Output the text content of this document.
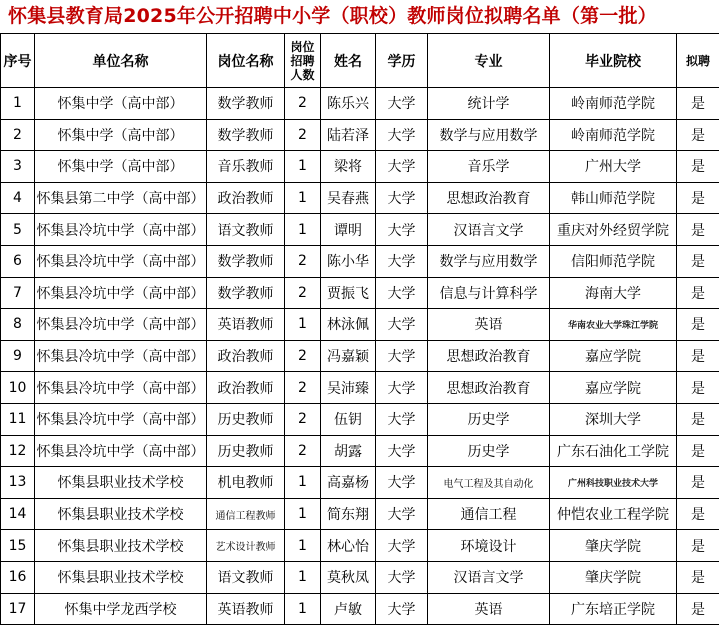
怀集县教育局2025年公开招聘中小学（职校）教师岗位拟聘名单（第一批）
序号	单位名称	岗位名称	岗位招聘人数	姓名	学历	专业	毕业院校	拟聘
1	怀集中学（高中部）	数学教师	2	陈乐兴	大学	统计学	岭南师范学院	是
2	怀集中学（高中部）	数学教师	2	陆若泽	大学	数学与应用数学	岭南师范学院	是
3	怀集中学（高中部）	音乐教师	1	梁将	大学	音乐学	广州大学	是
4	怀集县第二中学（高中部）	政治教师	1	吴春燕	大学	思想政治教育	韩山师范学院	是
5	怀集县冷坑中学（高中部）	语文教师	1	谭明	大学	汉语言文学	重庆对外经贸学院	是
6	怀集县冷坑中学（高中部）	数学教师	2	陈小华	大学	数学与应用数学	信阳师范学院	是
7	怀集县冷坑中学（高中部）	数学教师	2	贾振飞	大学	信息与计算科学	海南大学	是
8	怀集县冷坑中学（高中部）	英语教师	1	林泳佩	大学	英语	华南农业大学珠江学院	是
9	怀集县冷坑中学（高中部）	政治教师	2	冯嘉颖	大学	思想政治教育	嘉应学院	是
10	怀集县冷坑中学（高中部）	政治教师	2	吴沛臻	大学	思想政治教育	嘉应学院	是
11	怀集县冷坑中学（高中部）	历史教师	2	伍钥	大学	历史学	深圳大学	是
12	怀集县冷坑中学（高中部）	历史教师	2	胡露	大学	历史学	广东石油化工学院	是
13	怀集县职业技术学校	机电教师	1	高嘉杨	大学	电气工程及其自动化	广州科技职业技术大学	是
14	怀集县职业技术学校	通信工程教师	1	简东翔	大学	通信工程	仲恺农业工程学院	是
15	怀集县职业技术学校	艺术设计教师	1	林心怡	大学	环境设计	肇庆学院	是
16	怀集县职业技术学校	语文教师	1	莫秋凤	大学	汉语言文学	肇庆学院	是
17	怀集中学龙西学校	英语教师	1	卢敏	大学	英语	广东培正学院	是
